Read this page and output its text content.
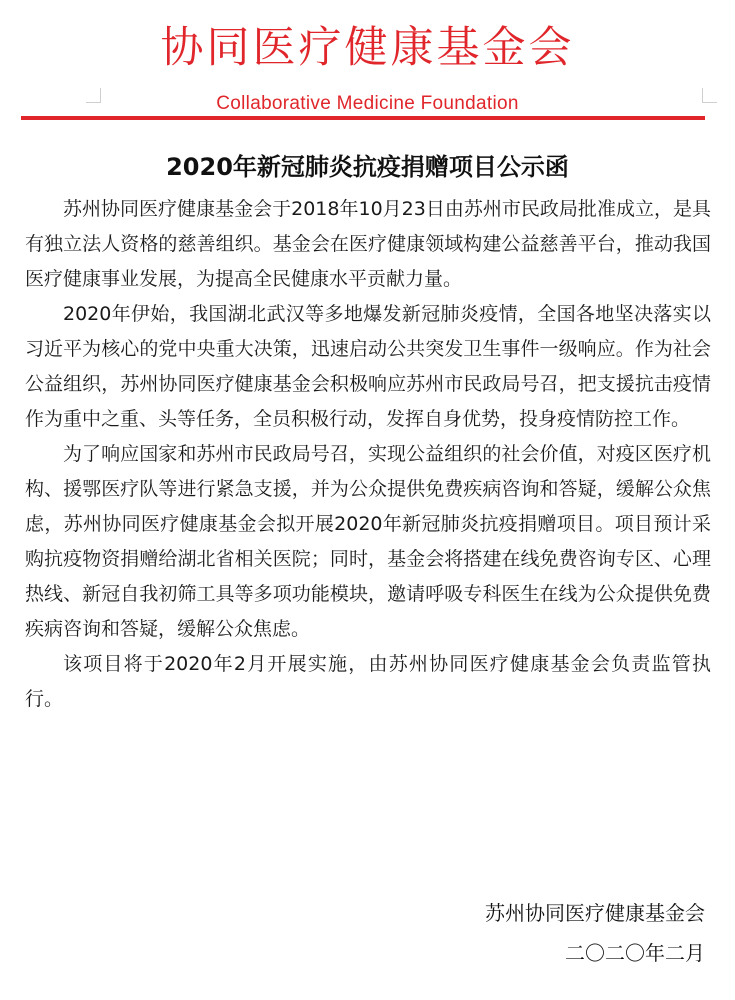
协同医疗健康基金会
Collaborative Medicine Foundation
2020年新冠肺炎抗疫捐赠项目公示函

苏州协同医疗健康基金会于2018年10月23日由苏州市民政局批准成立，是具有独立法人资格的慈善组织。基金会在医疗健康领域构建公益慈善平台，推动我国医疗健康事业发展，为提高全民健康水平贡献力量。

2020年伊始，我国湖北武汉等多地爆发新冠肺炎疫情，全国各地坚决落实以习近平为核心的党中央重大决策，迅速启动公共突发卫生事件一级响应。作为社会公益组织，苏州协同医疗健康基金会积极响应苏州市民政局号召，把支援抗击疫情作为重中之重、头等任务，全员积极行动，发挥自身优势，投身疫情防控工作。

为了响应国家和苏州市民政局号召，实现公益组织的社会价值，对疫区医疗机构、援鄂医疗队等进行紧急支援，并为公众提供免费疾病咨询和答疑，缓解公众焦虑，苏州协同医疗健康基金会拟开展2020年新冠肺炎抗疫捐赠项目。项目预计采购抗疫物资捐赠给湖北省相关医院；同时，基金会将搭建在线免费咨询专区、心理热线、新冠自我初筛工具等多项功能模块，邀请呼吸专科医生在线为公众提供免费疾病咨询和答疑，缓解公众焦虑。

该项目将于2020年2月开展实施，由苏州协同医疗健康基金会负责监管执行。

苏州协同医疗健康基金会
二〇二〇年二月
